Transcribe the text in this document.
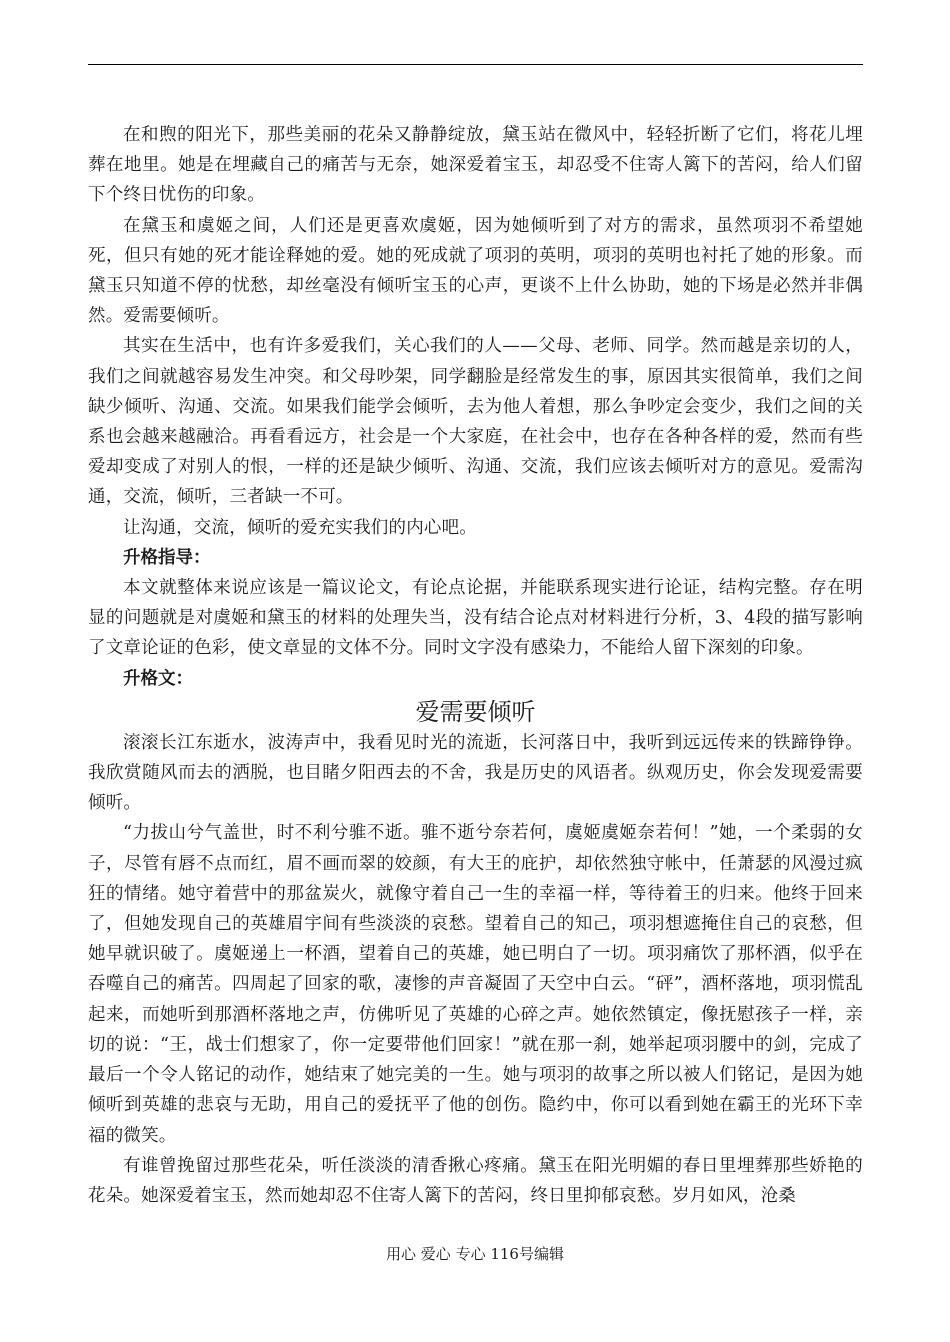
在和煦的阳光下，那些美丽的花朵又静静绽放，黛玉站在微风中，轻轻折断了它们，将花儿埋葬在地里。她是在埋藏自己的痛苦与无奈，她深爱着宝玉，却忍受不住寄人篱下的苦闷，给人们留下个终日忧伤的印象。

在黛玉和虞姬之间，人们还是更喜欢虞姬，因为她倾听到了对方的需求，虽然项羽不希望她死，但只有她的死才能诠释她的爱。她的死成就了项羽的英明，项羽的英明也衬托了她的形象。而黛玉只知道不停的忧愁，却丝毫没有倾听宝玉的心声，更谈不上什么协助，她的下场是必然并非偶然。爱需要倾听。

其实在生活中，也有许多爱我们，关心我们的人——父母、老师、同学。然而越是亲切的人，我们之间就越容易发生冲突。和父母吵架，同学翻脸是经常发生的事，原因其实很简单，我们之间缺少倾听、沟通、交流。如果我们能学会倾听，去为他人着想，那么争吵定会变少，我们之间的关系也会越来越融洽。再看看远方，社会是一个大家庭，在社会中，也存在各种各样的爱，然而有些爱却变成了对别人的恨，一样的还是缺少倾听、沟通、交流，我们应该去倾听对方的意见。爱需沟通，交流，倾听，三者缺一不可。

让沟通，交流，倾听的爱充实我们的内心吧。

升格指导：

本文就整体来说应该是一篇议论文，有论点论据，并能联系现实进行论证，结构完整。存在明显的问题就是对虞姬和黛玉的材料的处理失当，没有结合论点对材料进行分析，3、4段的描写影响了文章论证的色彩，使文章显的文体不分。同时文字没有感染力，不能给人留下深刻的印象。

升格文：

爱需要倾听

滚滚长江东逝水，波涛声中，我看见时光的流逝，长河落日中，我听到远远传来的铁蹄铮铮。我欣赏随风而去的洒脱，也目睹夕阳西去的不舍，我是历史的风语者。纵观历史，你会发现爱需要倾听。

“力拔山兮气盖世，时不利兮骓不逝。骓不逝兮奈若何，虞姬虞姬奈若何！”她，一个柔弱的女子，尽管有唇不点而红，眉不画而翠的姣颜，有大王的庇护，却依然独守帐中，任萧瑟的风漫过疯狂的情绪。她守着营中的那盆炭火，就像守着自己一生的幸福一样，等待着王的归来。他终于回来了，但她发现自己的英雄眉宇间有些淡淡的哀愁。望着自己的知己，项羽想遮掩住自己的哀愁，但她早就识破了。虞姬递上一杯酒，望着自己的英雄，她已明白了一切。项羽痛饮了那杯酒，似乎在吞噬自己的痛苦。四周起了回家的歌，凄惨的声音凝固了天空中白云。“砰”，酒杯落地，项羽慌乱起来，而她听到那酒杯落地之声，仿佛听见了英雄的心碎之声。她依然镇定，像抚慰孩子一样，亲切的说：“王，战士们想家了，你一定要带他们回家！”就在那一刹，她举起项羽腰中的剑，完成了最后一个令人铭记的动作，她结束了她完美的一生。她与项羽的故事之所以被人们铭记，是因为她倾听到英雄的悲哀与无助，用自己的爱抚平了他的创伤。隐约中，你可以看到她在霸王的光环下幸福的微笑。

有谁曾挽留过那些花朵，听任淡淡的清香揪心疼痛。黛玉在阳光明媚的春日里埋葬那些娇艳的花朵。她深爱着宝玉，然而她却忍不住寄人篱下的苦闷，终日里抑郁哀愁。岁月如风，沧桑

用心 爱心 专心 116号编辑
